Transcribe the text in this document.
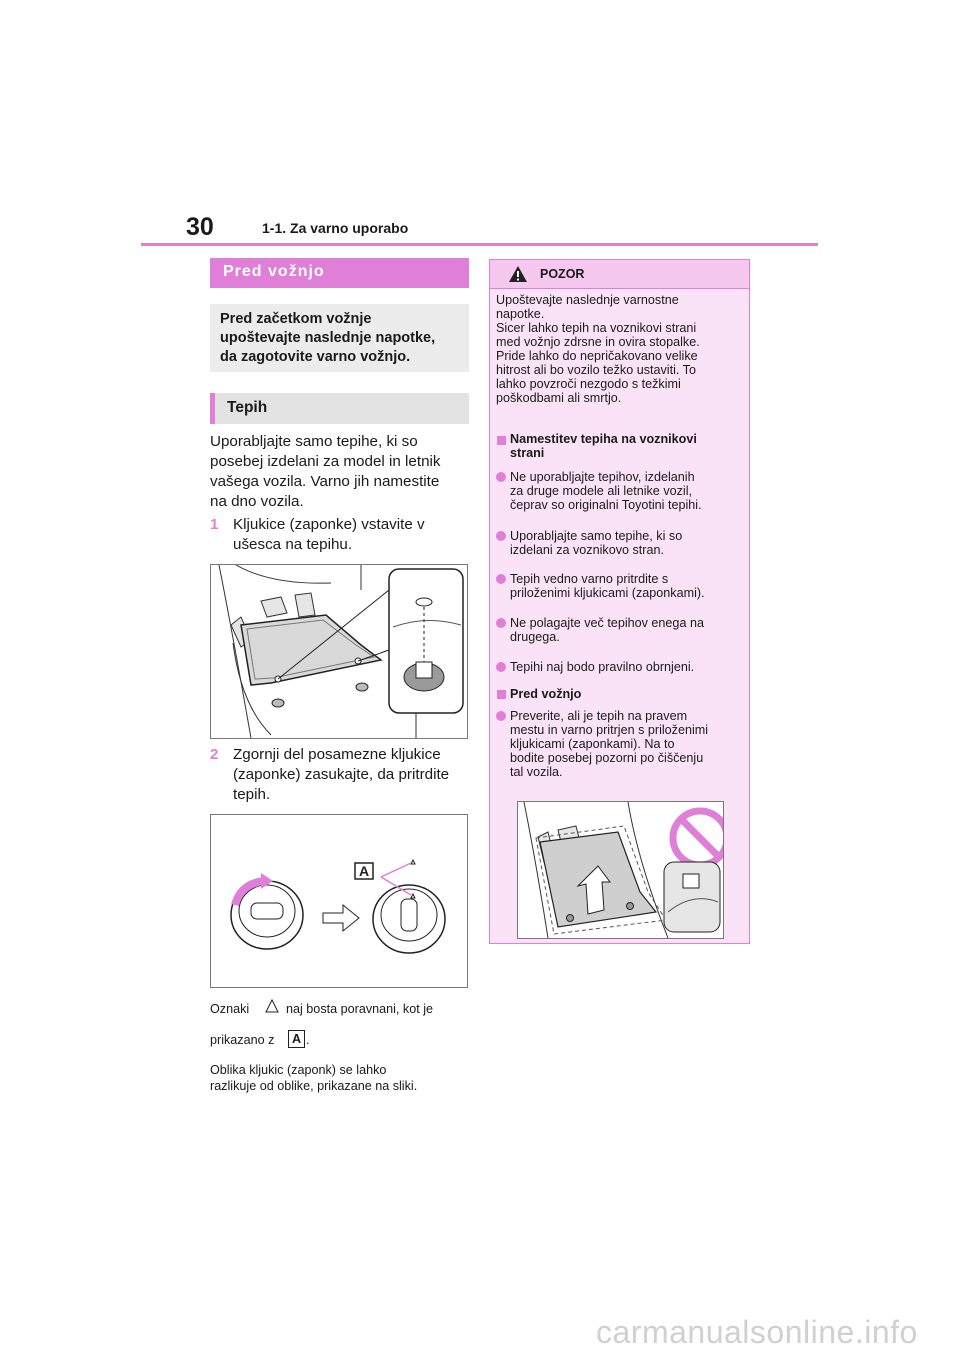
30	1-1. Za varno uporabo
Pred vožnjo
Pred začetkom vožnje
upoštevajte naslednje napotke,
da zagotovite varno vožnjo.
Tepih
Uporabljajte samo tepihe, ki so
posebej izdelani za model in letnik
vašega vozila. Varno jih namestite
na dno vozila.
1 Kljukice (zaponke) vstavite v
ušesca na tepihu.
2 Zgornji del posamezne kljukice
(zaponke) zasukajte, da pritrdite
tepih.
A
Oznaki	naj bosta poravnani, kot je
prikazano z	A .
Oblika kljukic (zaponk) se lahko
razlikuje od oblike, prikazane na sliki.
POZOR
Upoštevajte naslednje varnostne
napotke.
Sicer lahko tepih na voznikovi strani
med vožnjo zdrsne in ovira stopalke.
Pride lahko do nepričakovano velike
hitrost ali bo vozilo težko ustaviti. To
lahko povzroči nezgodo s težkimi
poškodbami ali smrtjo.
Namestitev tepiha na voznikovi
strani
Ne uporabljajte tepihov, izdelanih
za druge modele ali letnike vozil,
čeprav so originalni Toyotini tepihi.
Uporabljajte samo tepihe, ki so
izdelani za voznikovo stran.
Tepih vedno varno pritrdite s
priloženimi kljukicami (zaponkami).
Ne polagajte več tepihov enega na
drugega.
Tepihi naj bodo pravilno obrnjeni.
Pred vožnjo
Preverite, ali je tepih na pravem
mestu in varno pritrjen s priloženimi
kljukicami (zaponkami). Na to
bodite posebej pozorni po čiščenju
tal vozila.
carmanualsonline.info
